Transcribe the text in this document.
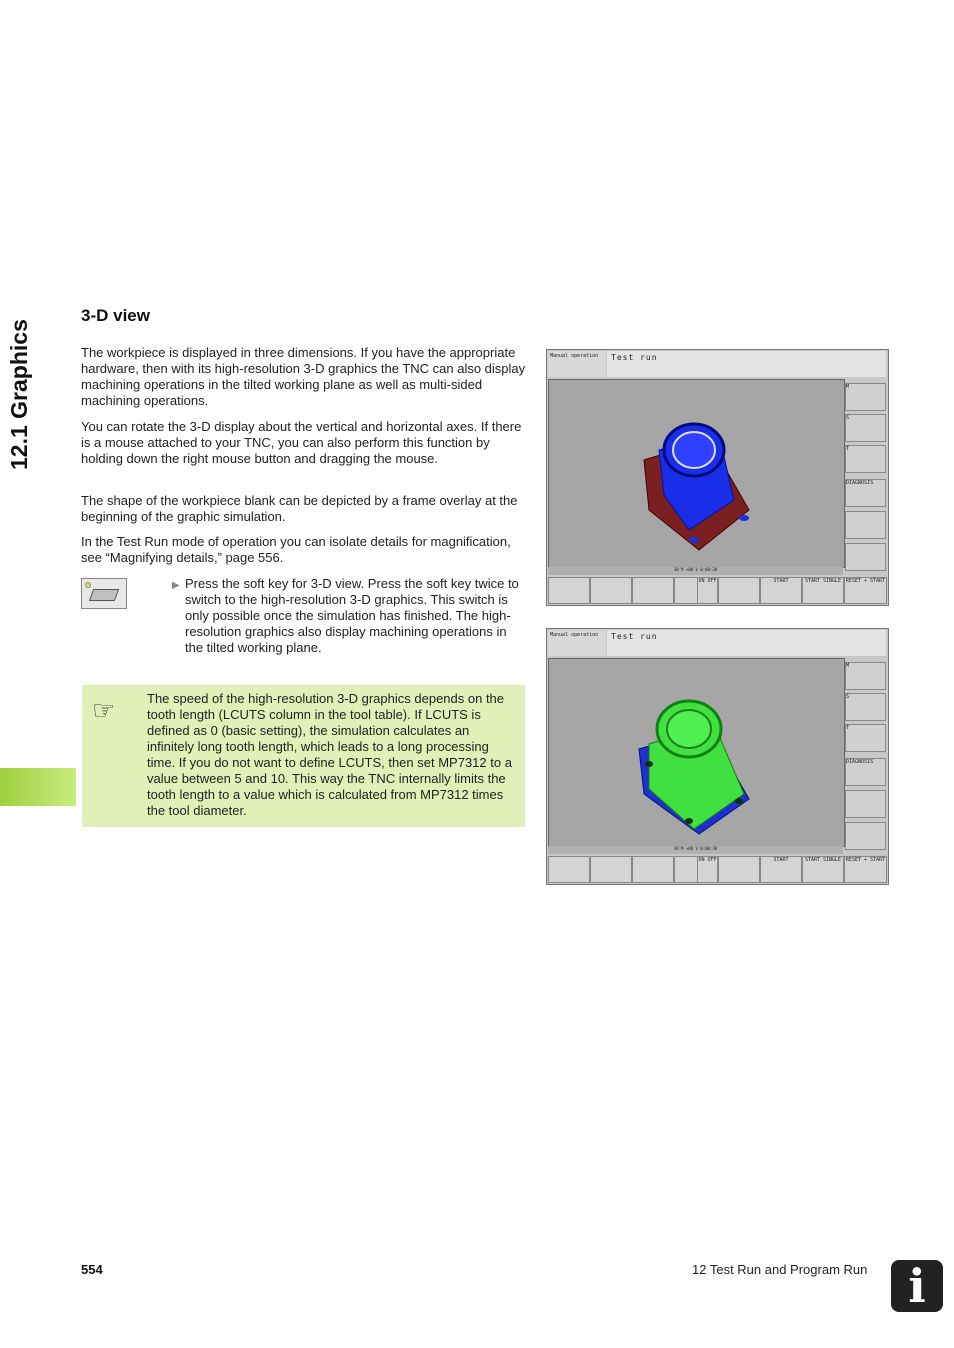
12.1 Graphics
3-D view

The workpiece is displayed in three dimensions. If you have the appropriate hardware, then with its high-resolution 3-D graphics the TNC can also display machining operations in the tilted working plane as well as multi-sided machining operations.

You can rotate the 3-D display about the vertical and horizontal axes. If there is a mouse attached to your TNC, you can also perform this function by holding down the right mouse button and dragging the mouse.

The shape of the workpiece blank can be depicted by a frame overlay at the beginning of the graphic simulation.

In the Test Run mode of operation you can isolate details for magnification, see “Magnifying details,” page 556.

▶ Press the soft key for 3-D view. Press the soft key twice to switch to the high-resolution 3-D graphics. This switch is only possible once the simulation has finished. The high-resolution graphics also display machining operations in the tilted working plane.
☞ The speed of the high-resolution 3-D graphics depends on the tooth length (LCUTS column in the tool table). If LCUTS is defined as 0 (basic setting), the simulation calculates an infinitely long tooth length, which leads to a long processing time. If you do not want to define LCUTS, then set MP7312 to a value between 5 and 10. This way the TNC internally limits the tooth length to a value which is calculated from MP7312 times the tool diameter.
Manual operation	Test run
30 M +00 V 0:00:30
M
S
T
DIAGNOSIS
ON OFF	START	START SINGLE RESET + START
Manual operation	Test run
30 M +00 V 0:00:30
M
S
T
DIAGNOSIS
ON OFF	START	START SINGLE RESET + START
554	12 Test Run and Program Run i
